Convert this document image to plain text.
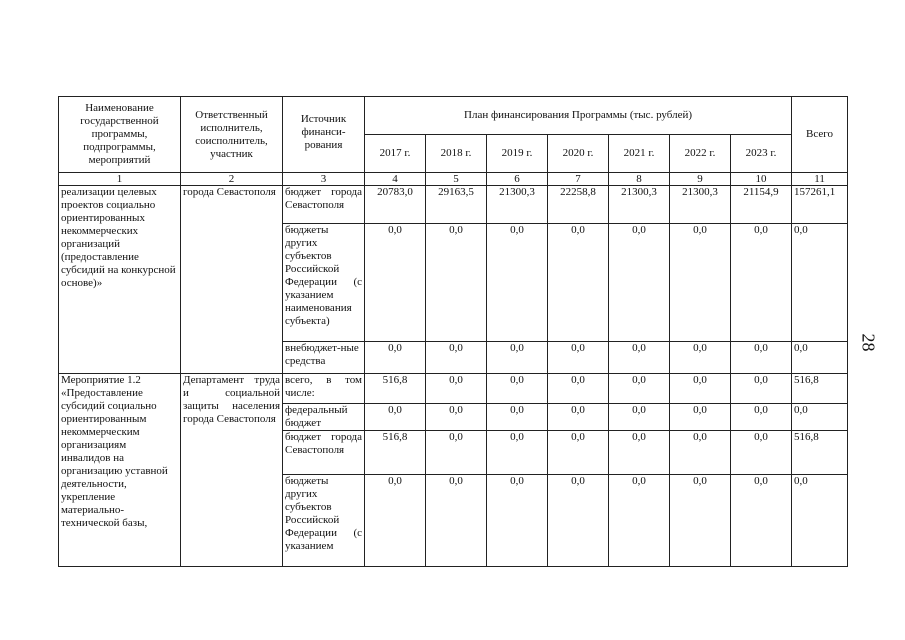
Наименование государственной программы, подпрограммы, мероприятий	Ответственный исполнитель, соисполнитель, участник	Источник финанси-рования	План финансирования Программы (тыс. рублей)							Всего
			2017 г.	2018 г.	2019 г.	2020 г.	2021 г.	2022 г.	2023 г.	
1	2	3	4	5	6	7	8	9	10	11
реализации целевых проектов социально ориентированных некоммерческих организаций (предоставление субсидий на конкурсной основе)»	города Севастополя	бюджет города Севастополя	20783,0	29163,5	21300,3	22258,8	21300,3	21300,3	21154,9	157261,1
		бюджеты других субъектов Российской Федерации (с указанием наименования субъекта)	0,0	0,0	0,0	0,0	0,0	0,0	0,0	0,0
		внебюджет-ные средства	0,0	0,0	0,0	0,0	0,0	0,0	0,0	0,0
Мероприятие 1.2 «Предоставление субсидий социально ориентированным некоммерческим организациям инвалидов на организацию уставной деятельности, укрепление материально-технической базы,	Департамент труда и социальной защиты населения города Севастополя	всего, в том числе:	516,8	0,0	0,0	0,0	0,0	0,0	0,0	516,8
		федеральный бюджет	0,0	0,0	0,0	0,0	0,0	0,0	0,0	0,0
		бюджет города Севастополя	516,8	0,0	0,0	0,0	0,0	0,0	0,0	516,8
		бюджеты других субъектов Российской Федерации (с указанием	0,0	0,0	0,0	0,0	0,0	0,0	0,0	0,0
28
